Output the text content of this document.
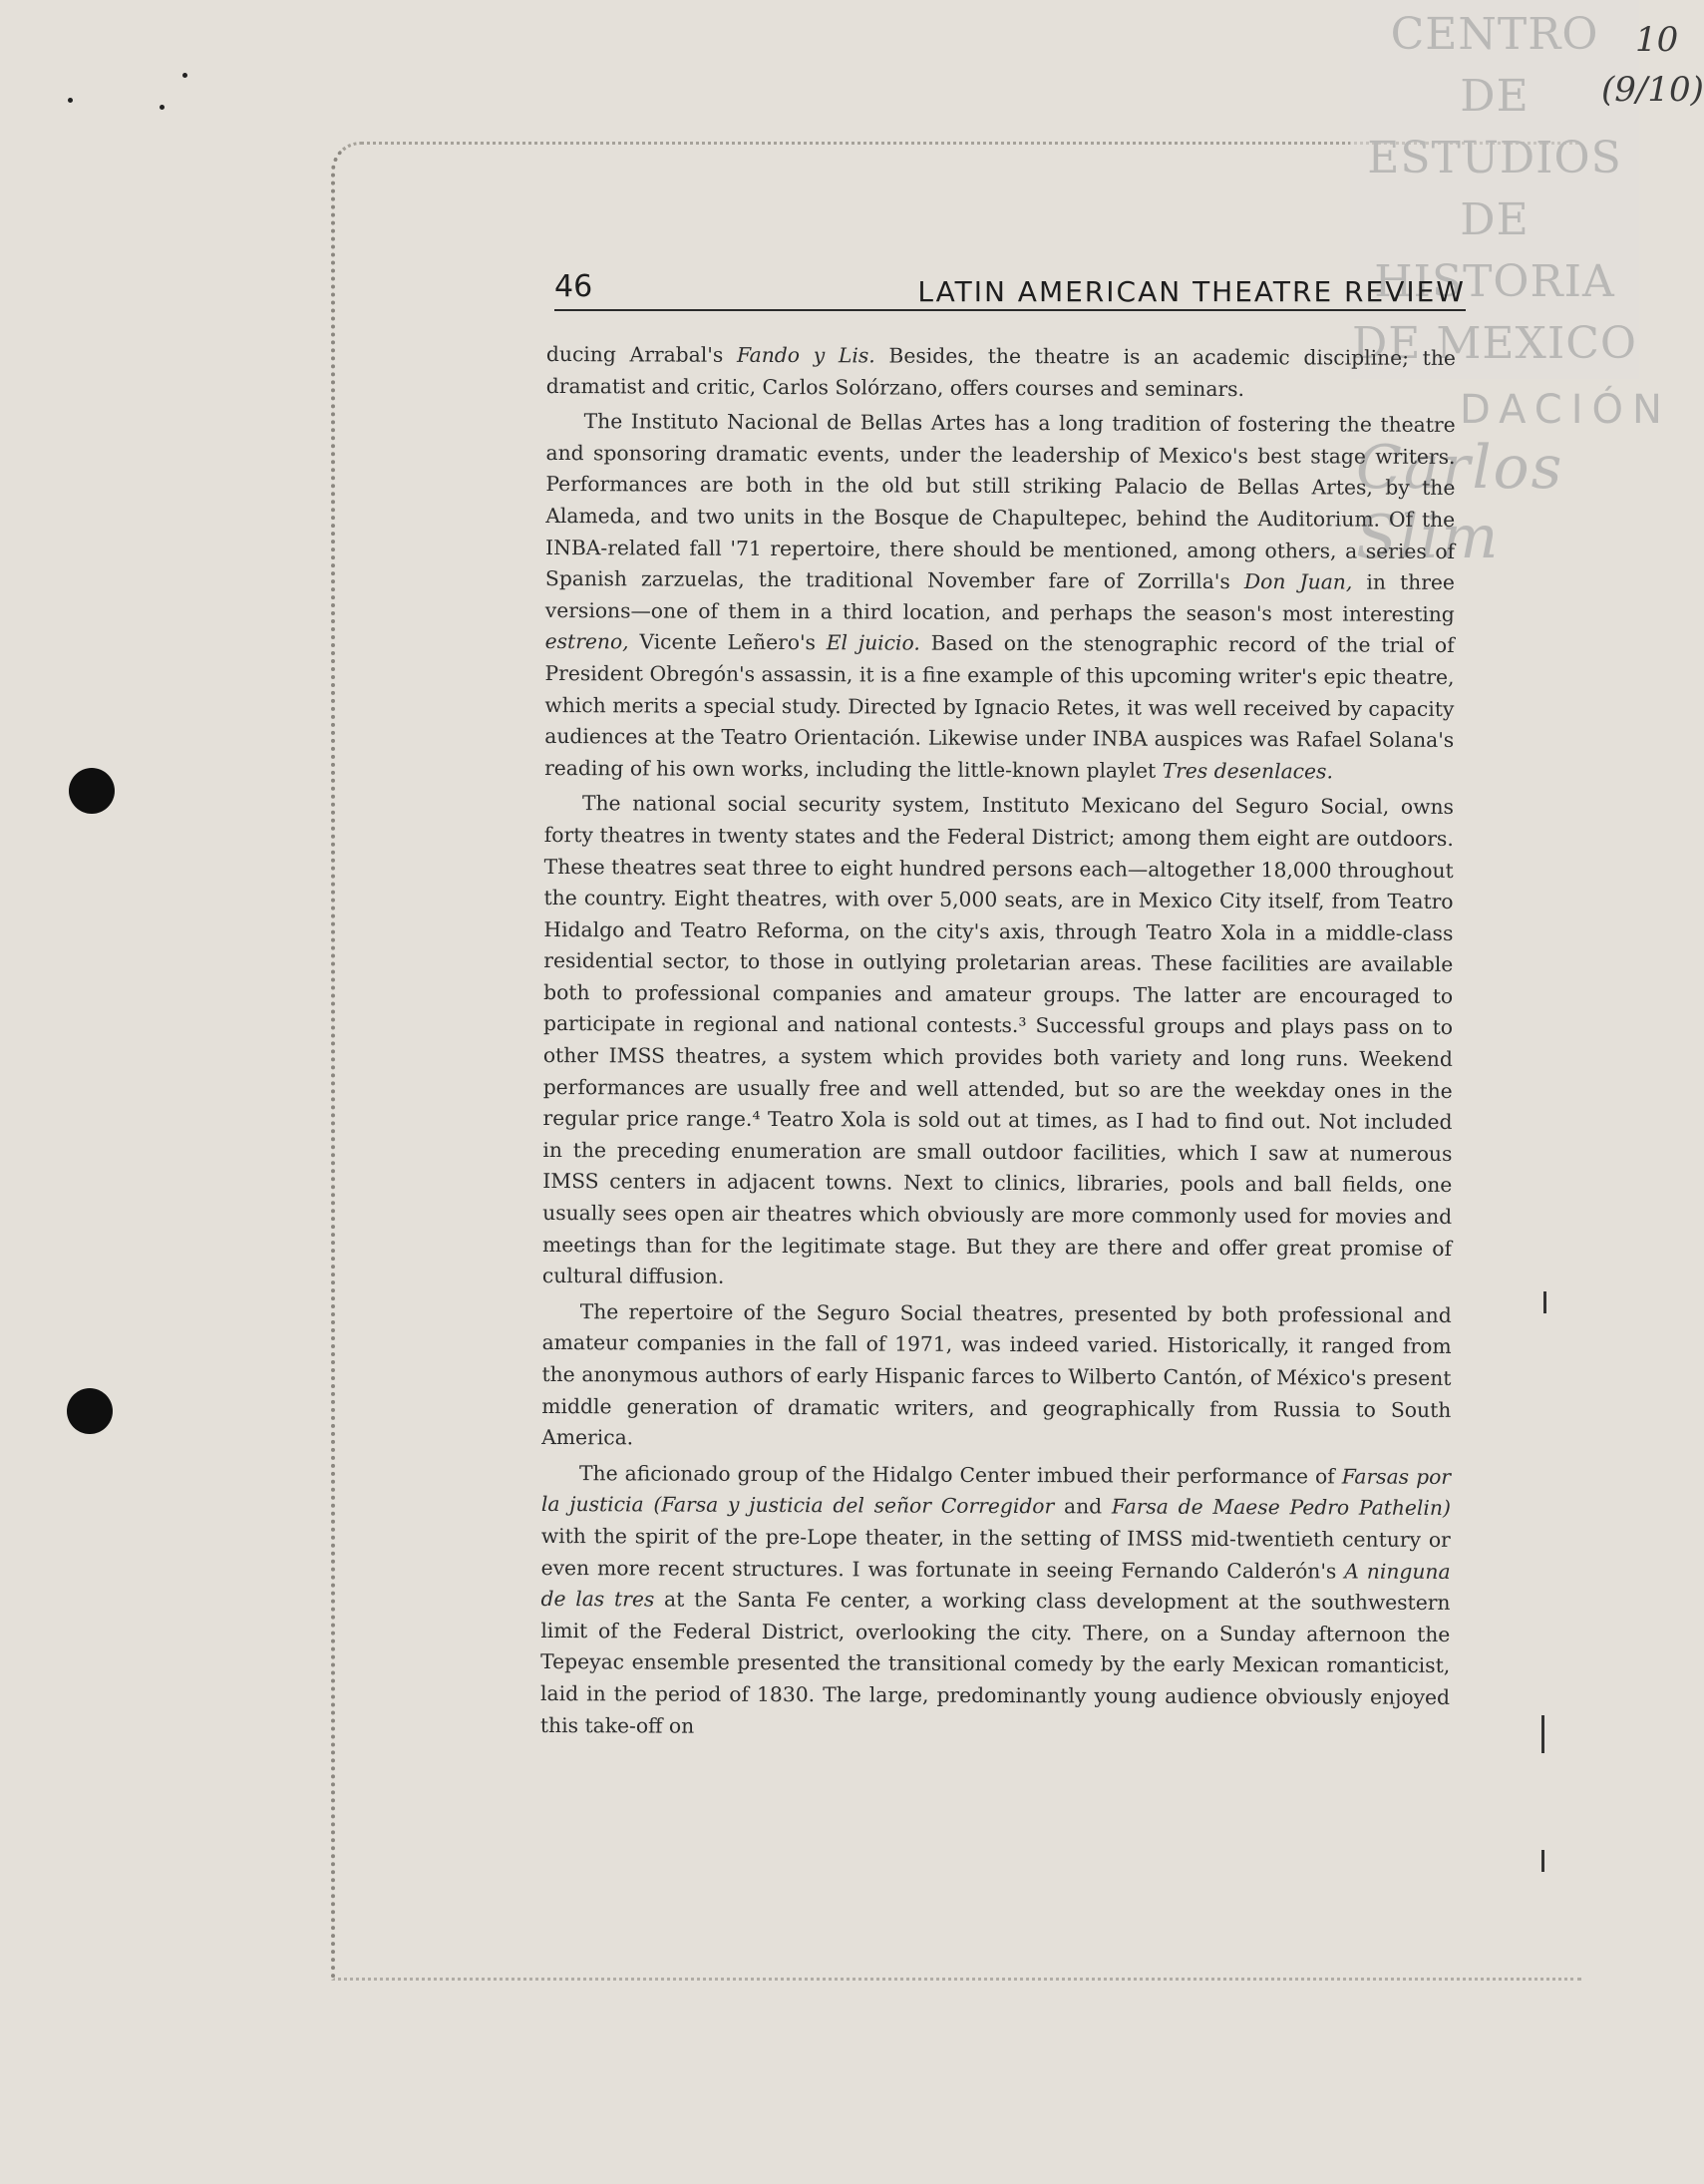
CENTRO DE
ESTUDIOS
DE HISTORIA
DE MEXICO
DACIÓN
Carlos Slim
10
(9/10)
46	LATIN AMERICAN THEATRE REVIEW

ducing Arrabal's Fando y Lis. Besides, the theatre is an academic discipline; the dramatist and critic, Carlos Solórzano, offers courses and seminars.

The Instituto Nacional de Bellas Artes has a long tradition of fostering the theatre and sponsoring dramatic events, under the leadership of Mexico's best stage writers. Performances are both in the old but still striking Palacio de Bellas Artes, by the Alameda, and two units in the Bosque de Chapultepec, behind the Auditorium. Of the INBA-related fall '71 repertoire, there should be mentioned, among others, a series of Spanish zarzuelas, the traditional November fare of Zorrilla's Don Juan, in three versions—one of them in a third location, and perhaps the season's most interesting estreno, Vicente Leñero's El juicio. Based on the stenographic record of the trial of President Obregón's assassin, it is a fine example of this upcoming writer's epic theatre, which merits a special study. Directed by Ignacio Retes, it was well received by capacity audiences at the Teatro Orientación. Likewise under INBA auspices was Rafael Solana's reading of his own works, including the little-known playlet Tres desenlaces.

The national social security system, Instituto Mexicano del Seguro Social, owns forty theatres in twenty states and the Federal District; among them eight are outdoors. These theatres seat three to eight hundred persons each—altogether 18,000 throughout the country. Eight theatres, with over 5,000 seats, are in Mexico City itself, from Teatro Hidalgo and Teatro Reforma, on the city's axis, through Teatro Xola in a middle-class residential sector, to those in outlying proletarian areas. These facilities are available both to professional companies and amateur groups. The latter are encouraged to participate in regional and national contests.³ Successful groups and plays pass on to other IMSS theatres, a system which provides both variety and long runs. Weekend performances are usually free and well attended, but so are the weekday ones in the regular price range.⁴ Teatro Xola is sold out at times, as I had to find out. Not included in the preceding enumeration are small outdoor facilities, which I saw at numerous IMSS centers in adjacent towns. Next to clinics, libraries, pools and ball fields, one usually sees open air theatres which obviously are more commonly used for movies and meetings than for the legitimate stage. But they are there and offer great promise of cultural diffusion.

The repertoire of the Seguro Social theatres, presented by both professional and amateur companies in the fall of 1971, was indeed varied. Historically, it ranged from the anonymous authors of early Hispanic farces to Wilberto Cantón, of México's present middle generation of dramatic writers, and geographically from Russia to South America.

The aficionado group of the Hidalgo Center imbued their performance of Farsas por la justicia (Farsa y justicia del señor Corregidor and Farsa de Maese Pedro Pathelin) with the spirit of the pre-Lope theater, in the setting of IMSS mid-twentieth century or even more recent structures. I was fortunate in seeing Fernando Calderón's A ninguna de las tres at the Santa Fe center, a working class development at the southwestern limit of the Federal District, overlooking the city. There, on a Sunday afternoon the Tepeyac ensemble presented the transitional comedy by the early Mexican romanticist, laid in the period of 1830. The large, predominantly young audience obviously enjoyed this take-off on
